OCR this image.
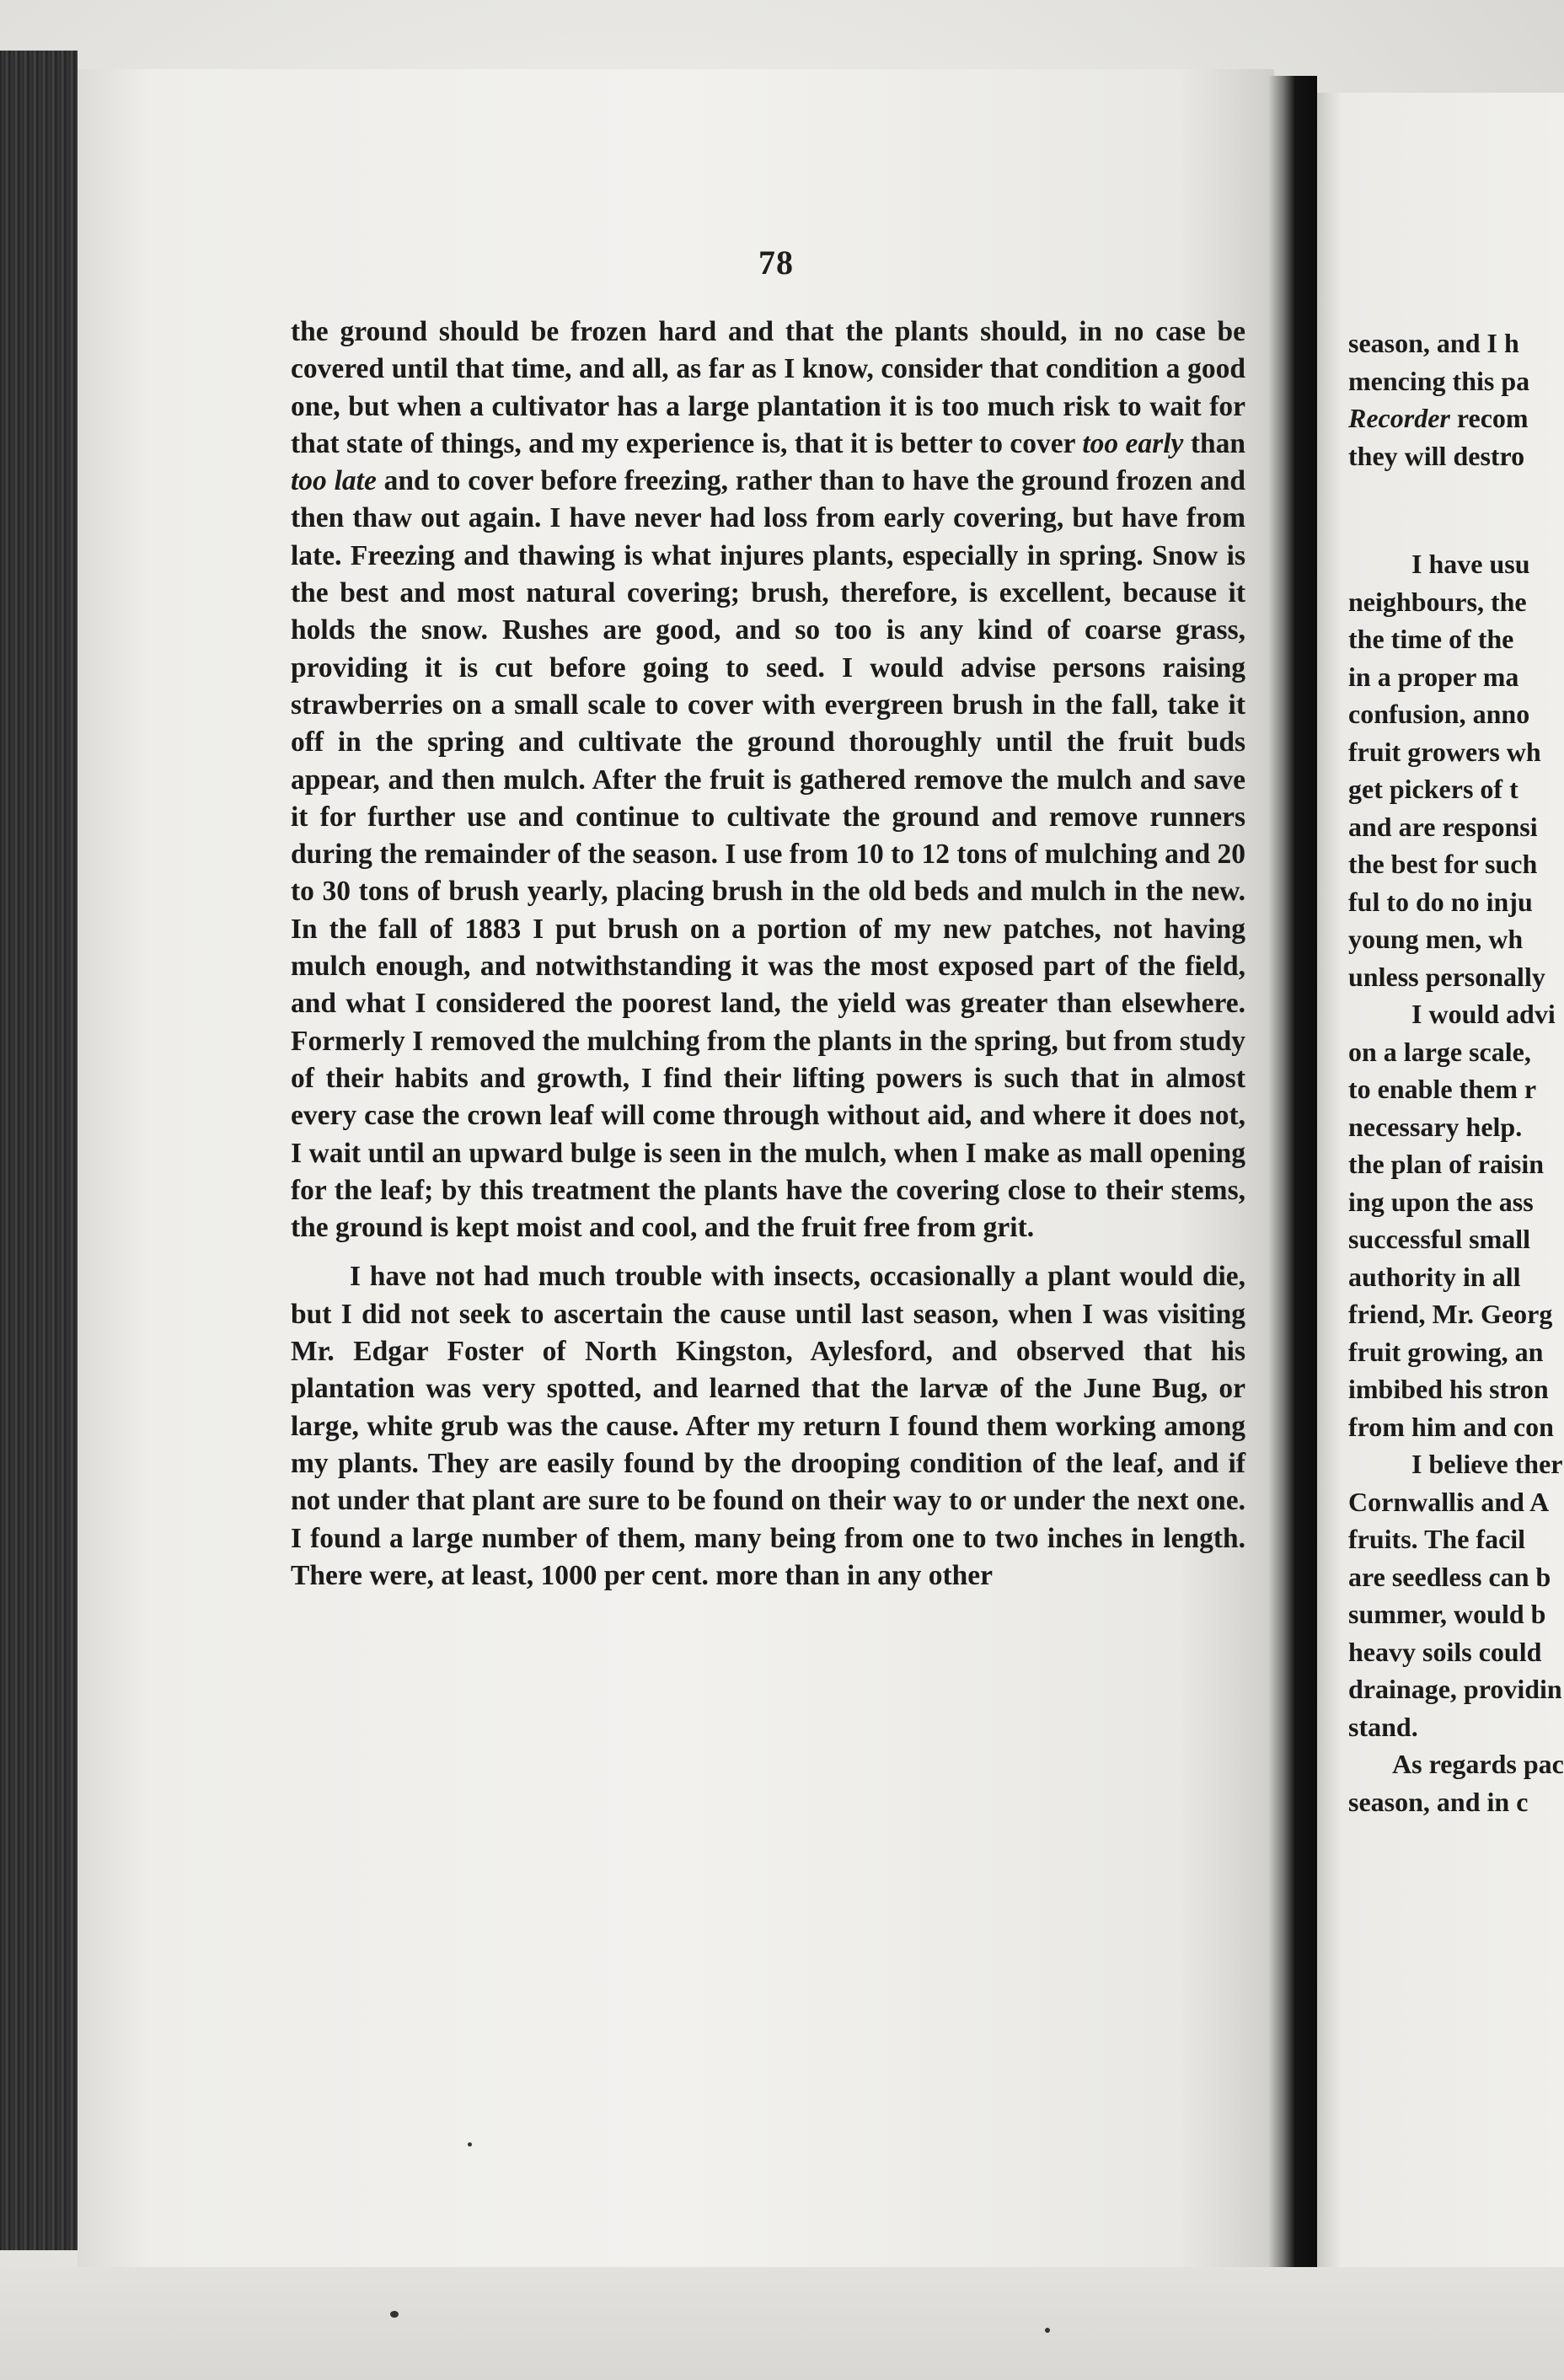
78

the ground should be frozen hard and that the plants should, in no case be covered until that time, and all, as far as I know, consider that condition a good one, but when a cultivator has a large plantation it is too much risk to wait for that state of things, and my experience is, that it is better to cover too early than too late and to cover before freezing, rather than to have the ground frozen and then thaw out again. I have never had loss from early covering, but have from late. Freezing and thawing is what injures plants, especially in spring. Snow is the best and most natural covering; brush, therefore, is excellent, because it holds the snow. Rushes are good, and so too is any kind of coarse grass, providing it is cut before going to seed. I would advise persons raising strawberries on a small scale to cover with evergreen brush in the fall, take it off in the spring and cultivate the ground thoroughly until the fruit buds appear, and then mulch. After the fruit is gathered remove the mulch and save it for further use and continue to cultivate the ground and remove runners during the remainder of the season. I use from 10 to 12 tons of mulching and 20 to 30 tons of brush yearly, placing brush in the old beds and mulch in the new. In the fall of 1883 I put brush on a portion of my new patches, not having mulch enough, and notwithstanding it was the most exposed part of the field, and what I considered the poorest land, the yield was greater than elsewhere. Formerly I removed the mulching from the plants in the spring, but from study of their habits and growth, I find their lifting powers is such that in almost every case the crown leaf will come through without aid, and where it does not, I wait until an upward bulge is seen in the mulch, when I make as mall opening for the leaf; by this treatment the plants have the covering close to their stems, the ground is kept moist and cool, and the fruit free from grit.

I have not had much trouble with insects, occasionally a plant would die, but I did not seek to ascertain the cause until last season, when I was visiting Mr. Edgar Foster of North Kingston, Aylesford, and observed that his plantation was very spotted, and learned that the larvæ of the June Bug, or large, white grub was the cause. After my return I found them working among my plants. They are easily found by the drooping condition of the leaf, and if not under that plant are sure to be found on their way to or under the next one. I found a large number of them, many being from one to two inches in length. There were, at least, 1000 per cent. more than in any other

season, and I h
mencing this pa
Recorder recom
they will destro
I have usu
neighbours, the
the time of the
in a proper ma
confusion, anno
fruit growers wh
get pickers of t
and are responsi
the best for such
ful to do no inju
young men, wh
unless personally
I would advi
on a large scale,
to enable them r
necessary help.
the plan of raisin
ing upon the ass
successful small
authority in all
friend, Mr. Georg
fruit growing, an
imbibed his stron
from him and con
I believe ther
Cornwallis and A
fruits. The facil
are seedless can b
summer, would b
heavy soils could
drainage, providin
stand.
As regards pac
season, and in c
